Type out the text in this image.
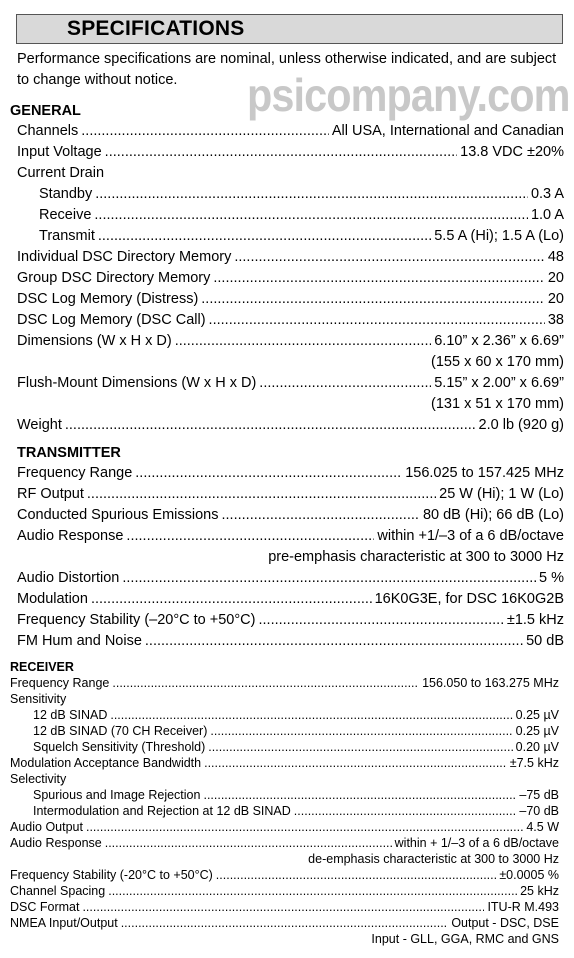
SPECIFICATIONS
Performance specifications are nominal, unless otherwise indicated, and are subject to change without notice.	psicompany.com
GENERAL
Channels .....	All USA, International and Canadian
Input Voltage .....	13.8 VDC ±20%
Current Drain
Standby .....	0.3 A
Receive .....	1.0 A
Transmit .....	5.5 A (Hi); 1.5 A (Lo)
Individual DSC Directory Memory .....	48
Group DSC Directory Memory .....	20
DSC Log Memory (Distress) .....	20
DSC Log Memory (DSC Call) .....	38
Dimensions (W x H x D) .....	6.10” x 2.36” x 6.69”
(155 x 60 x 170 mm)
Flush-Mount Dimensions (W x H x D) .....	5.15” x 2.00” x 6.69”
(131 x 51 x 170 mm)
Weight .....	2.0 lb (920 g)
TRANSMITTER
Frequency Range .....	156.025 to 157.425 MHz
RF Output .....	25 W (Hi); 1 W (Lo)
Conducted Spurious Emissions .....	80 dB (Hi); 66 dB (Lo)
Audio Response .....	within +1/–3 of a 6 dB/octave
pre-emphasis characteristic at 300 to 3000 Hz
Audio Distortion .....	5 %
Modulation .....	16K0G3E, for DSC 16K0G2B
Frequency Stability (–20°C to +50°C) .....	±1.5 kHz
FM Hum and Noise .....	50 dB
RECEIVER
Frequency Range .....	156.050 to 163.275 MHz
Sensitivity
12 dB SINAD .....	0.25 µV
12 dB SINAD (70 CH Receiver) .....	0.25 µV
Squelch Sensitivity (Threshold) .....	0.20 µV
Modulation Acceptance Bandwidth .....	±7.5 kHz
Selectivity
Spurious and Image Rejection .....	–75 dB
Intermodulation and Rejection at 12 dB SINAD .....	–70 dB
Audio Output .....	4.5 W
Audio Response .....	within + 1/–3 of a 6 dB/octave
de-emphasis characteristic at 300 to 3000 Hz
Frequency Stability (-20°C to +50°C) .....	±0.0005 %
Channel Spacing .....	25 kHz
DSC Format .....	ITU-R M.493
NMEA Input/Output .....	Output - DSC, DSE
Input - GLL, GGA, RMC and GNS
